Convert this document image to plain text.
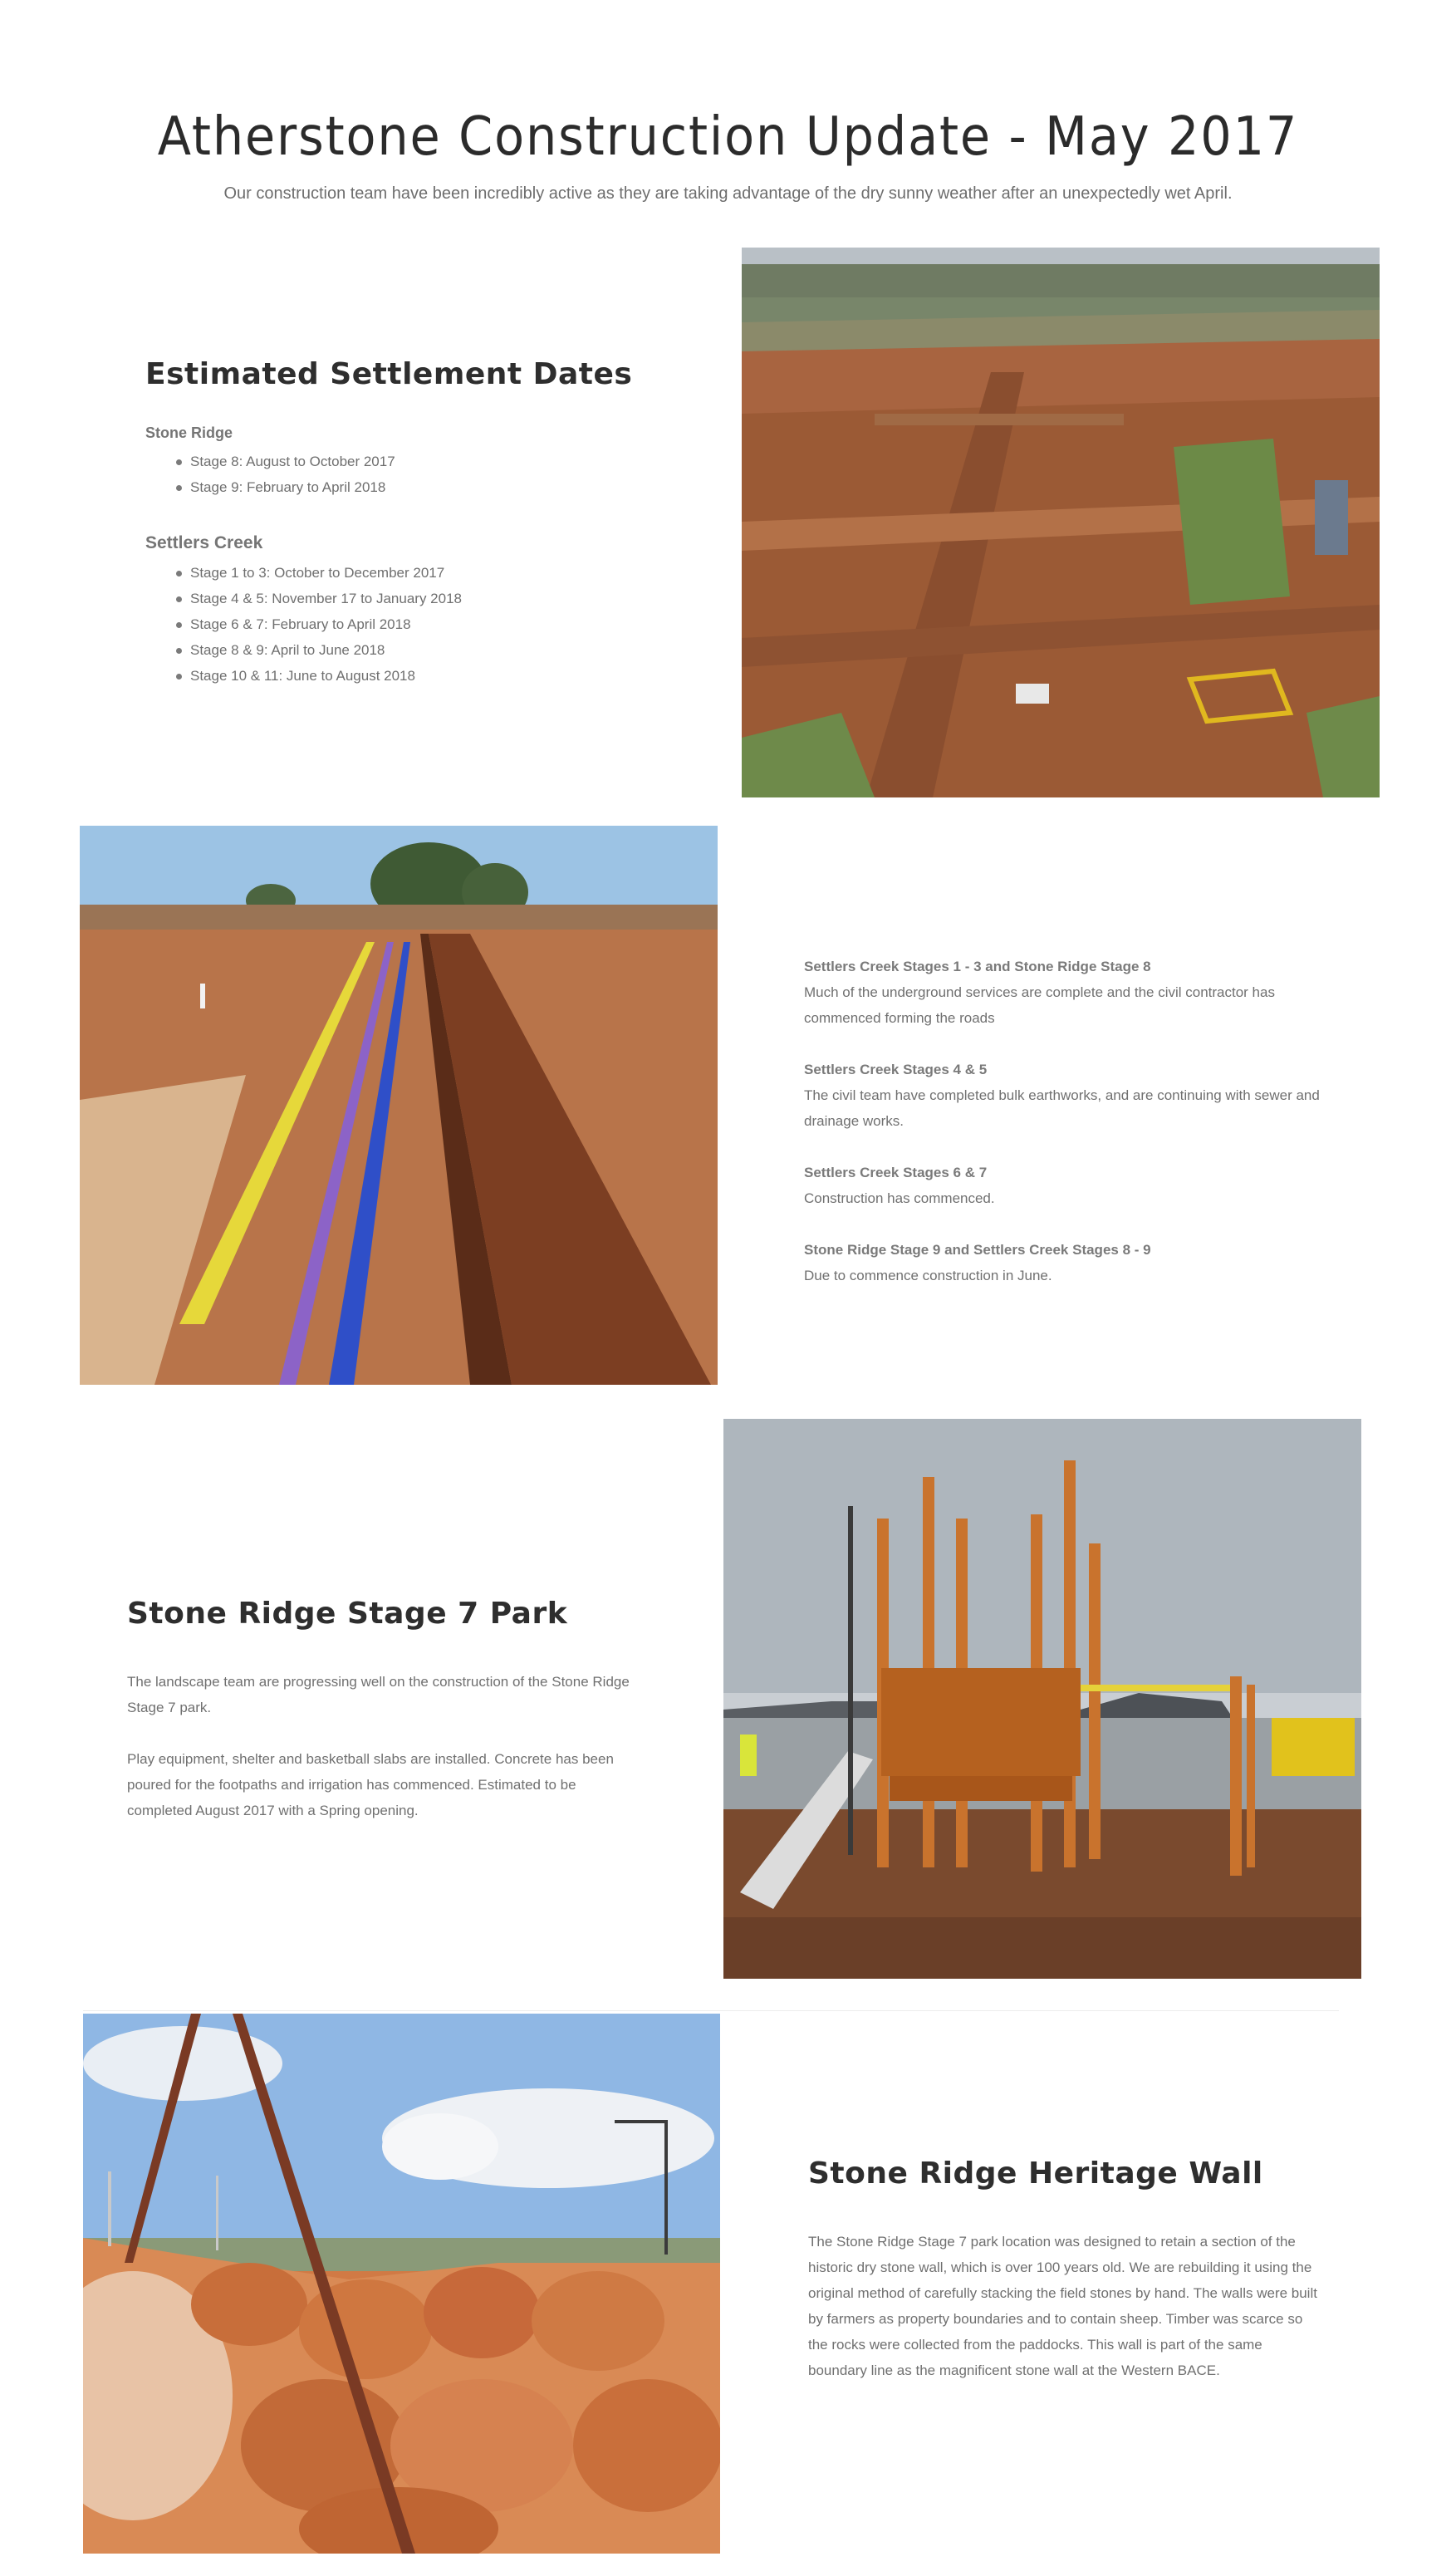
Atherstone Construction Update - May 2017

Our construction team have been incredibly active as they are taking advantage of the dry sunny weather after an unexpectedly wet April.

Estimated Settlement Dates

Stone Ridge

Stage 8: August to October 2017
Stage 9: February to April 2018

Settlers Creek

Stage 1 to 3: October to December 2017
Stage 4 & 5: November 17 to January 2018
Stage 6 & 7: February to April 2018
Stage 8 & 9: April to June 2018
Stage 10 & 11: June to August 2018

Settlers Creek Stages 1 - 3 and Stone Ridge Stage 8

Much of the underground services are complete and the civil contractor has commenced forming the roads

Settlers Creek Stages 4 & 5

The civil team have completed bulk earthworks, and are continuing with sewer and drainage works.

Settlers Creek Stages 6 & 7

Construction has commenced.

Stone Ridge Stage 9 and Settlers Creek Stages 8 - 9

Due to commence construction in June.

Stone Ridge Stage 7 Park

The landscape team are progressing well on the construction of the Stone Ridge Stage 7 park.

Play equipment, shelter and basketball slabs are installed. Concrete has been poured for the footpaths and irrigation has commenced. Estimated to be completed August 2017 with a Spring opening.

Stone Ridge Heritage Wall

The Stone Ridge Stage 7 park location was designed to retain a section of the historic dry stone wall, which is over 100 years old. We are rebuilding it using the original method of carefully stacking the field stones by hand. The walls were built by farmers as property boundaries and to contain sheep. Timber was scarce so the rocks were collected from the paddocks. This wall is part of the same boundary line as the magnificent stone wall at the Western BACE.
